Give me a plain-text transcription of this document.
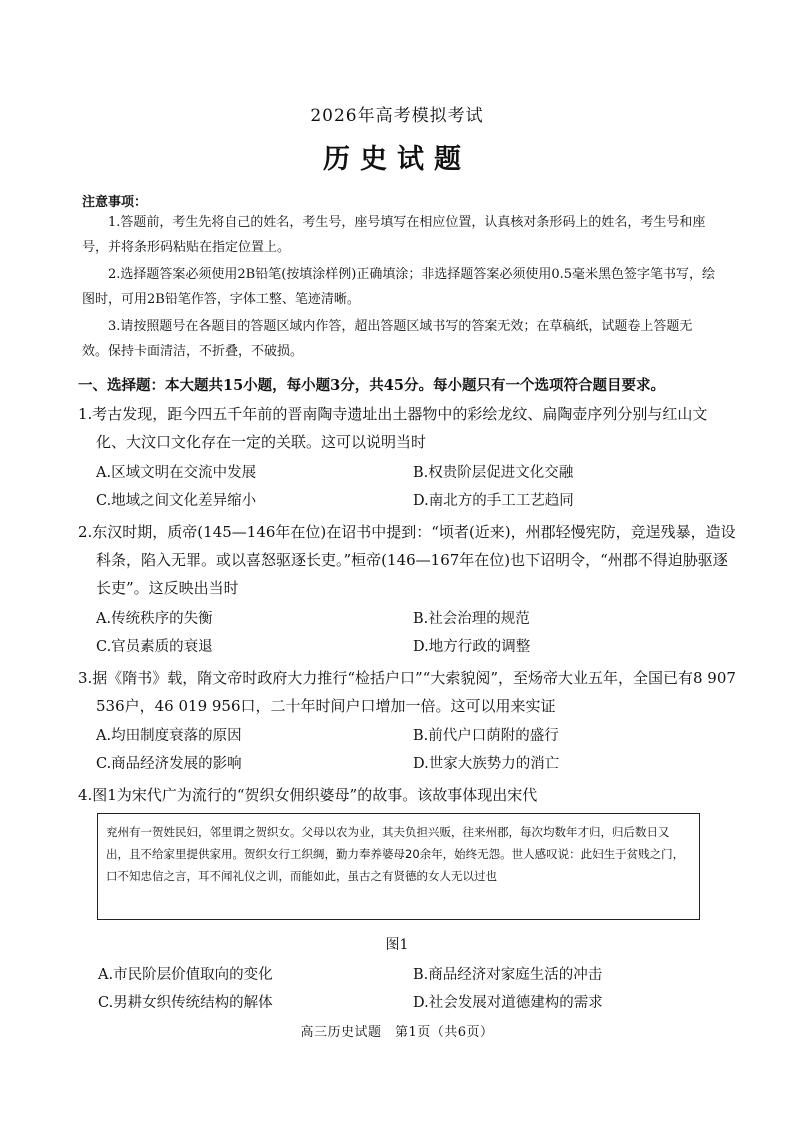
2026年高考模拟考试
历史试题
注意事项：
1.答题前，考生先将自己的姓名，考生号，座号填写在相应位置，认真核对条形码上的姓名，考生号和座号，并将条形码粘贴在指定位置上。
2.选择题答案必须使用2B铅笔(按填涂样例)正确填涂；非选择题答案必须使用0.5毫米黑色签字笔书写，绘图时，可用2B铅笔作答，字体工整、笔迹清晰。
3.请按照题号在各题目的答题区域内作答，超出答题区域书写的答案无效；在草稿纸，试题卷上答题无效。保持卡面清洁，不折叠，不破损。
一、选择题：本大题共15小题，每小题3分，共45分。每小题只有一个选项符合题目要求。
1.考古发现，距今四五千年前的晋南陶寺遗址出土器物中的彩绘龙纹、扁陶壶序列分别与红山文化、大汶口文化存在一定的关联。这可以说明当时
A.区域文明在交流中发展	B.权贵阶层促进文化交融
C.地域之间文化差异缩小	D.南北方的手工工艺趋同
2.东汉时期，质帝(145—146年在位)在诏书中提到：“顷者(近来)，州郡轻慢宪防，竞逞残暴，造设科条，陷入无罪。或以喜怒驱逐长吏。”桓帝(146—167年在位)也下诏明令，“州郡不得迫胁驱逐长吏”。这反映出当时
A.传统秩序的失衡	B.社会治理的规范
C.官员素质的衰退	D.地方行政的调整
3.据《隋书》载，隋文帝时政府大力推行“检括户口”“大索貌阅”，至炀帝大业五年，全国已有8 907 536户，46 019 956口，二十年时间户口增加一倍。这可以用来实证
A.均田制度衰落的原因	B.前代户口荫附的盛行
C.商品经济发展的影响	D.世家大族势力的消亡
4.图1为宋代广为流行的“贺织女佣织婆母”的故事。该故事体现出宋代
兖州有一贺姓民妇，邻里谓之贺织女。父母以农为业，其夫负担兴贩，往来州郡，每次均数年才归，归后数日又出，且不给家里提供家用。贺织女行工织绸，勤力奉养婆母20余年，始终无怨。世人感叹说：此妇生于贫贱之门，口不知忠信之言，耳不闻礼仪之训，而能如此，虽古之有贤德的女人无以过也
图1
A.市民阶层价值取向的变化	B.商品经济对家庭生活的冲击
C.男耕女织传统结构的解体	D.社会发展对道德建构的需求
高三历史试题　第1页（共6页）
